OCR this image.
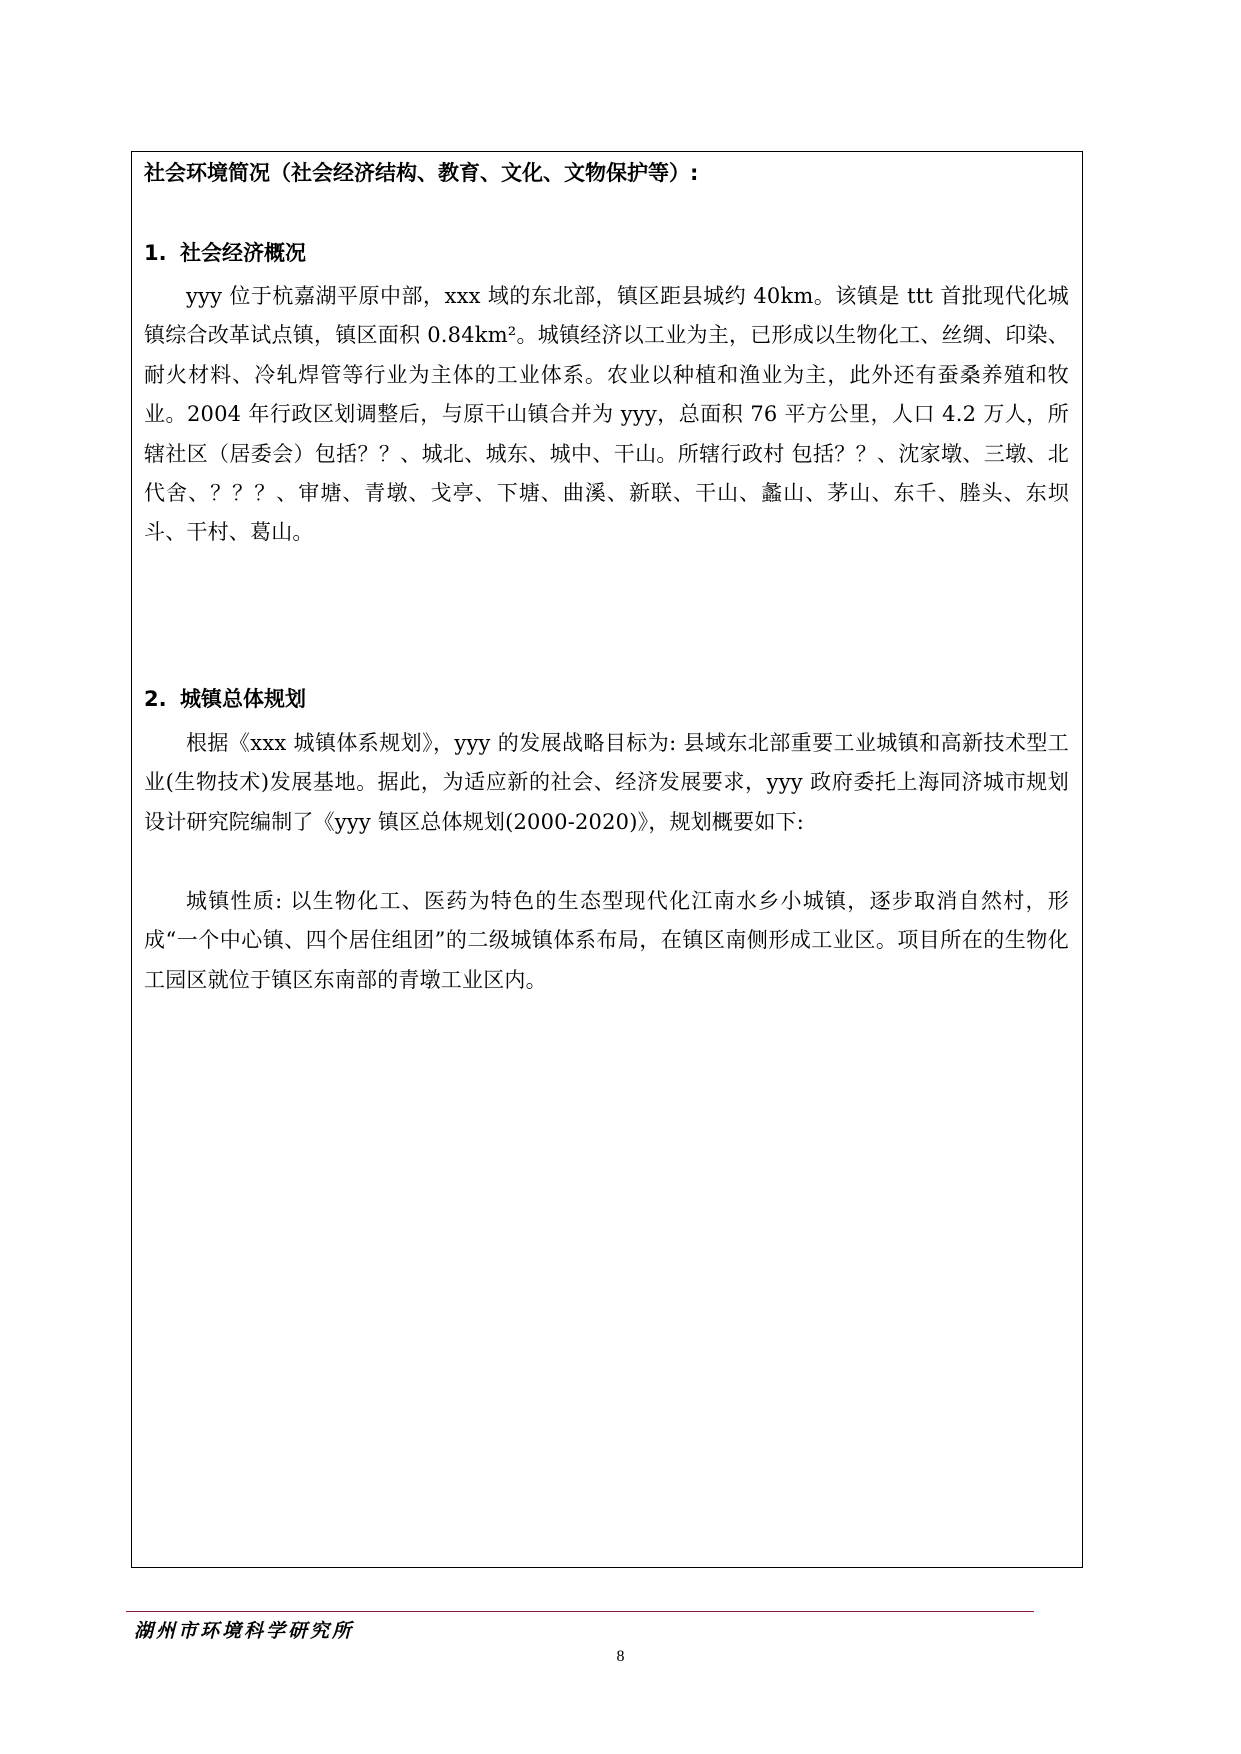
社会环境简况（社会经济结构、教育、文化、文物保护等）:
1. 社会经济概况

yyy 位于杭嘉湖平原中部，xxx 域的东北部，镇区距县城约 40km。该镇是 ttt 首批现代化城镇综合改革试点镇，镇区面积 0.84km²。城镇经济以工业为主，已形成以生物化工、丝绸、印染、耐火材料、冷轧焊管等行业为主体的工业体系。农业以种植和渔业为主，此外还有蚕桑养殖和牧业。2004 年行政区划调整后，与原干山镇合并为 yyy，总面积 76 平方公里，人口 4.2 万人，所辖社区（居委会）包括？？、城北、城东、城中、干山。所辖行政村 包括？？、沈家墩、三墩、北代舍、？？？、审塘、青墩、戈亭、下塘、曲溪、新联、干山、蠡山、茅山、东千、塍头、东坝斗、干村、葛山。

2. 城镇总体规划

根据《xxx 城镇体系规划》，yyy 的发展战略目标为: 县域东北部重要工业城镇和高新技术型工业(生物技术)发展基地。据此，为适应新的社会、经济发展要求，yyy 政府委托上海同济城市规划设计研究院编制了《yyy 镇区总体规划(2000-2020)》，规划概要如下:

城镇性质: 以生物化工、医药为特色的生态型现代化江南水乡小城镇，逐步取消自然村，形成“一个中心镇、四个居住组团”的二级城镇体系布局，在镇区南侧形成工业区。项目所在的生物化工园区就位于镇区东南部的青墩工业区内。

湖州市环境科学研究所
8
